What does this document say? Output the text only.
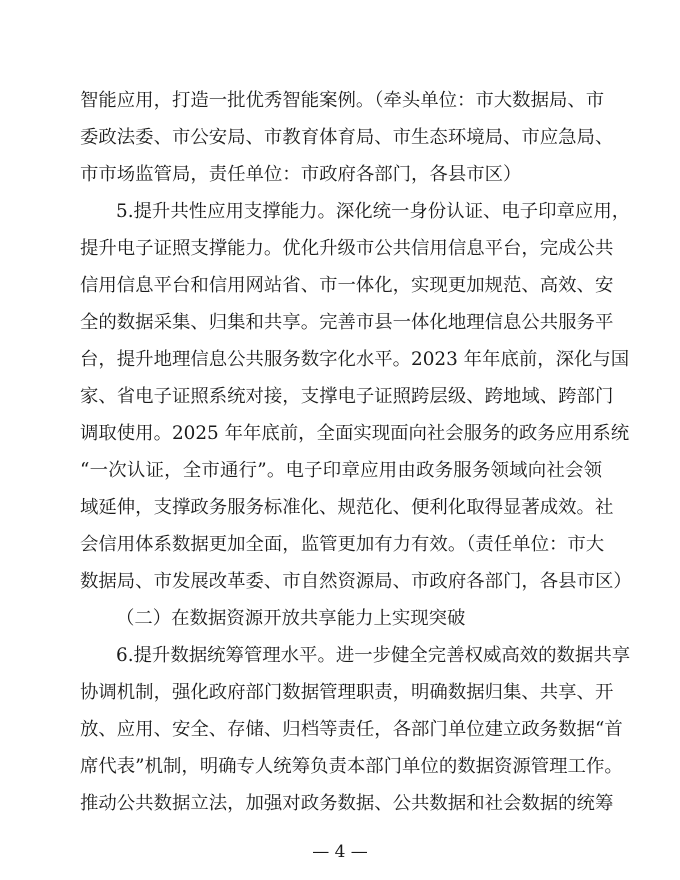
智能应用，打造一批优秀智能案例。（牵头单位：市大数据局、市
委政法委、市公安局、市教育体育局、市生态环境局、市应急局、
市市场监管局，责任单位：市政府各部门，各县市区）
5.提升共性应用支撑能力。深化统一身份认证、电子印章应用，
提升电子证照支撑能力。优化升级市公共信用信息平台，完成公共
信用信息平台和信用网站省、市一体化，实现更加规范、高效、安
全的数据采集、归集和共享。完善市县一体化地理信息公共服务平
台，提升地理信息公共服务数字化水平。2023 年年底前，深化与国
家、省电子证照系统对接，支撑电子证照跨层级、跨地域、跨部门
调取使用。2025 年年底前，全面实现面向社会服务的政务应用系统
“一次认证，全市通行”。电子印章应用由政务服务领域向社会领
域延伸，支撑政务服务标准化、规范化、便利化取得显著成效。社
会信用体系数据更加全面，监管更加有力有效。（责任单位：市大
数据局、市发展改革委、市自然资源局、市政府各部门，各县市区）
（二）在数据资源开放共享能力上实现突破
6.提升数据统筹管理水平。进一步健全完善权威高效的数据共享
协调机制，强化政府部门数据管理职责，明确数据归集、共享、开
放、应用、安全、存储、归档等责任，各部门单位建立政务数据“首
席代表”机制，明确专人统筹负责本部门单位的数据资源管理工作。
推动公共数据立法，加强对政务数据、公共数据和社会数据的统筹
— 4 —
